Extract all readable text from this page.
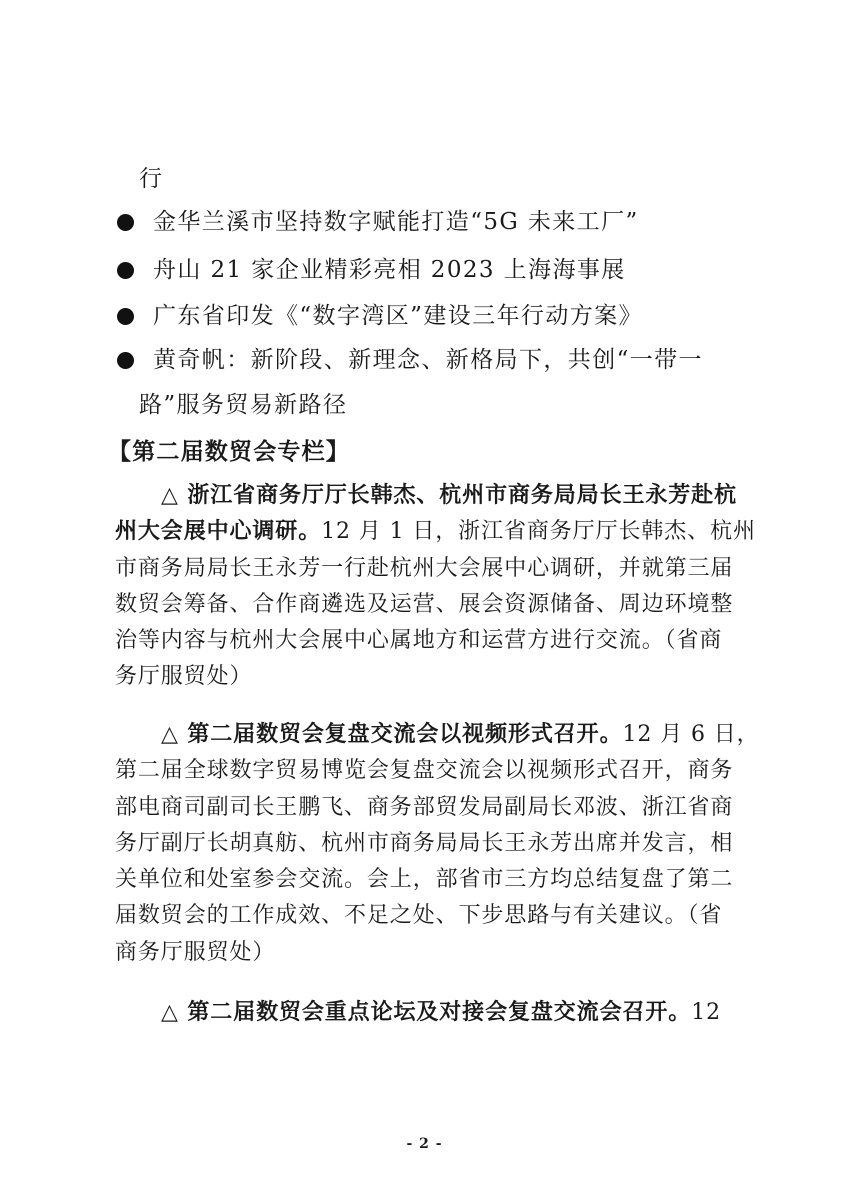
行
金华兰溪市坚持数字赋能打造“5G 未来工厂”
舟山 21 家企业精彩亮相 2023 上海海事展
广东省印发《“数字湾区”建设三年行动方案》
黄奇帆：新阶段、新理念、新格局下，共创“一带一
路”服务贸易新路径
【第二届数贸会专栏】
△ 浙江省商务厅厅长韩杰、杭州市商务局局长王永芳赴杭
州大会展中心调研。12 月 1 日，浙江省商务厅厅长韩杰、杭州
市商务局局长王永芳一行赴杭州大会展中心调研，并就第三届
数贸会筹备、合作商遴选及运营、展会资源储备、周边环境整
治等内容与杭州大会展中心属地方和运营方进行交流。（省商
务厅服贸处）
△ 第二届数贸会复盘交流会以视频形式召开。12 月 6 日，
第二届全球数字贸易博览会复盘交流会以视频形式召开，商务
部电商司副司长王鹏飞、商务部贸发局副局长邓波、浙江省商
务厅副厅长胡真舫、杭州市商务局局长王永芳出席并发言，相
关单位和处室参会交流。会上，部省市三方均总结复盘了第二
届数贸会的工作成效、不足之处、下步思路与有关建议。（省
商务厅服贸处）
△ 第二届数贸会重点论坛及对接会复盘交流会召开。12
- 2 -
